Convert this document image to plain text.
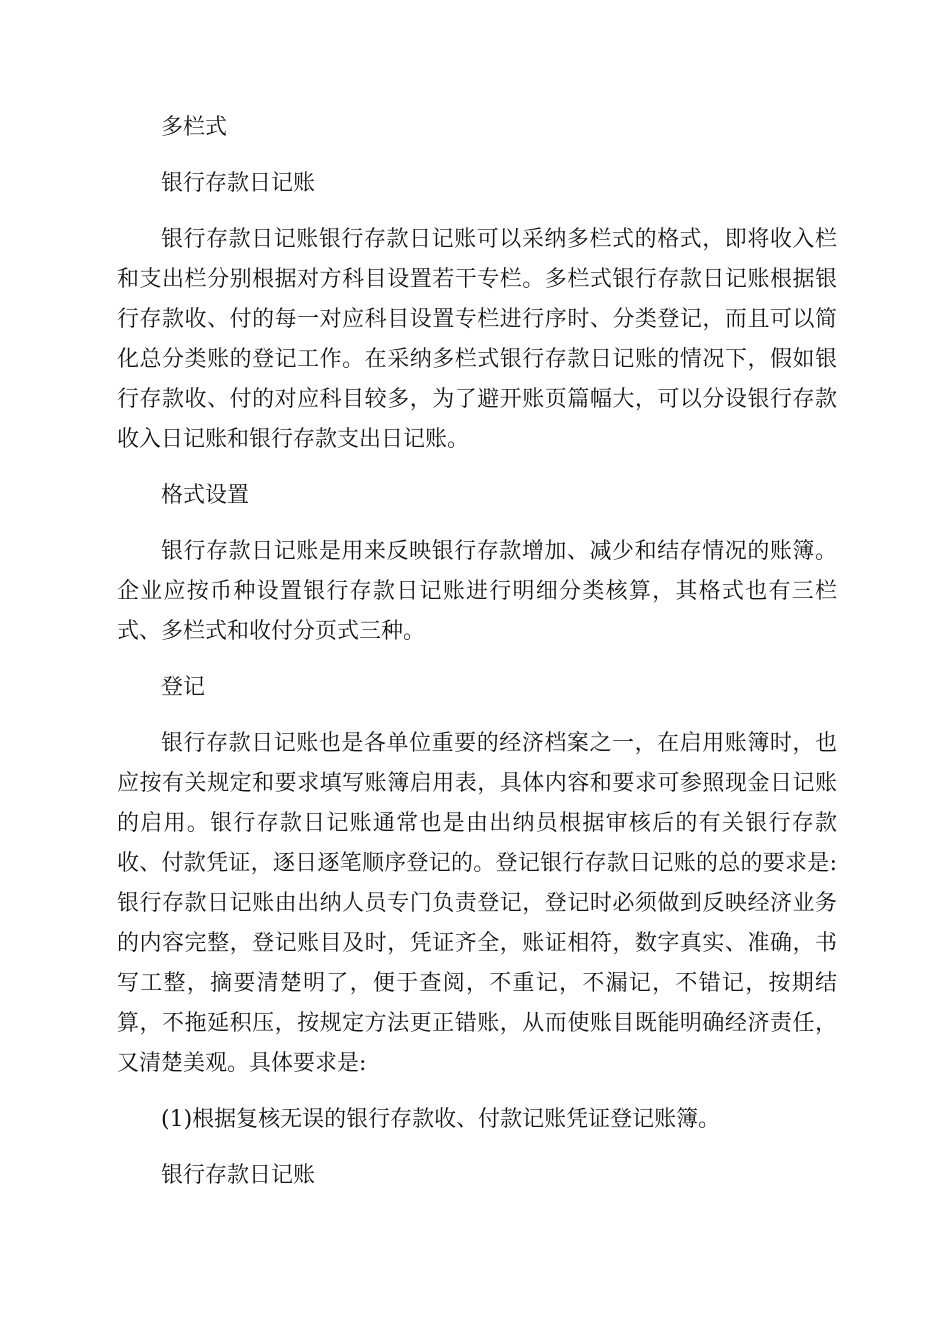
多栏式
银行存款日记账

银行存款日记账银行存款日记账可以采纳多栏式的格式，即将收入栏和支出栏分别根据对方科目设置若干专栏。多栏式银行存款日记账根据银行存款收、付的每一对应科目设置专栏进行序时、分类登记，而且可以简化总分类账的登记工作。在采纳多栏式银行存款日记账的情况下，假如银行存款收、付的对应科目较多，为了避开账页篇幅大，可以分设银行存款收入日记账和银行存款支出日记账。

格式设置

银行存款日记账是用来反映银行存款增加、减少和结存情况的账簿。企业应按币种设置银行存款日记账进行明细分类核算，其格式也有三栏式、多栏式和收付分页式三种。

登记

银行存款日记账也是各单位重要的经济档案之一，在启用账簿时，也应按有关规定和要求填写账簿启用表，具体内容和要求可参照现金日记账的启用。银行存款日记账通常也是由出纳员根据审核后的有关银行存款收、付款凭证，逐日逐笔顺序登记的。登记银行存款日记账的总的要求是:银行存款日记账由出纳人员专门负责登记，登记时必须做到反映经济业务的内容完整，登记账目及时，凭证齐全，账证相符，数字真实、准确，书写工整，摘要清楚明了，便于查阅，不重记，不漏记，不错记，按期结算，不拖延积压，按规定方法更正错账，从而使账目既能明确经济责任，又清楚美观。具体要求是:

(1)根据复核无误的银行存款收、付款记账凭证登记账簿。

银行存款日记账
